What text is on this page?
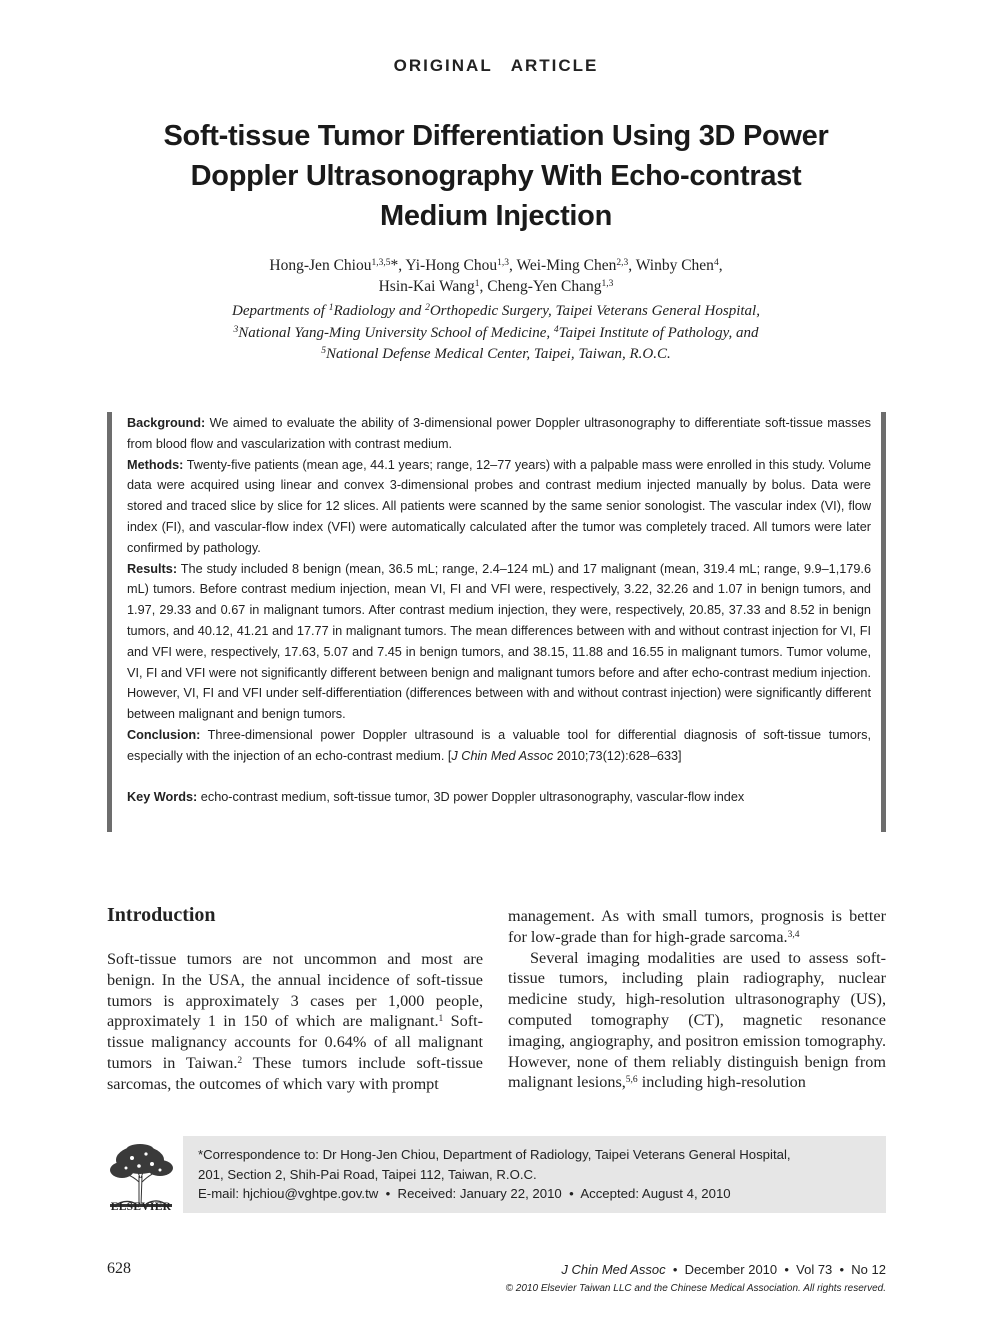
ORIGINAL ARTICLE
Soft-tissue Tumor Differentiation Using 3D Power
Doppler Ultrasonography With Echo-contrast
Medium Injection
Hong-Jen Chiou$^{1,3,5}$*, Yi-Hong Chou$^{1,3}$, Wei-Ming Chen$^{2,3}$, Winby Chen$^4$,
Hsin-Kai Wang$^1$, Cheng-Yen Chang$^{1,3}$
Departments of $^1$Radiology and $^2$Orthopedic Surgery, Taipei Veterans General Hospital,
$^3$National Yang-Ming University School of Medicine, $^4$Taipei Institute of Pathology, and
$^5$National Defense Medical Center, Taipei, Taiwan, R.O.C.

Background: We aimed to evaluate the ability of 3-dimensional power Doppler ultrasonography to differentiate soft-tissue masses from blood flow and vascularization with contrast medium.

Methods: Twenty-five patients (mean age, 44.1 years; range, 12–77 years) with a palpable mass were enrolled in this study. Volume data were acquired using linear and convex 3-dimensional probes and contrast medium injected manually by bolus. Data were stored and traced slice by slice for 12 slices. All patients were scanned by the same senior sonologist. The vascular index (VI), flow index (FI), and vascular-flow index (VFI) were automatically calculated after the tumor was completely traced. All tumors were later confirmed by pathology.

Results: The study included 8 benign (mean, 36.5 mL; range, 2.4–124 mL) and 17 malignant (mean, 319.4 mL; range, 9.9–1,179.6 mL) tumors. Before contrast medium injection, mean VI, FI and VFI were, respectively, 3.22, 32.26 and 1.07 in benign tumors, and 1.97, 29.33 and 0.67 in malignant tumors. After contrast medium injection, they were, respectively, 20.85, 37.33 and 8.52 in benign tumors, and 40.12, 41.21 and 17.77 in malignant tumors. The mean differences between with and without contrast injection for VI, FI and VFI were, respectively, 17.63, 5.07 and 7.45 in benign tumors, and 38.15, 11.88 and 16.55 in malignant tumors. Tumor volume, VI, FI and VFI were not significantly different between benign and malignant tumors before and after echo-contrast medium injection. However, VI, FI and VFI under self-differentiation (differences between with and without contrast injection) were significantly different between malignant and benign tumors.

Conclusion: Three-dimensional power Doppler ultrasound is a valuable tool for differential diagnosis of soft-tissue tumors, especially with the injection of an echo-contrast medium. [J Chin Med Assoc 2010;73(12):628–633]

Key Words: echo-contrast medium, soft-tissue tumor, 3D power Doppler ultrasonography, vascular-flow index

Introduction

Soft-tissue tumors are not uncommon and most are benign. In the USA, the annual incidence of soft-tissue tumors is approximately 3 cases per 1,000 people, approximately 1 in 150 of which are malignant.$^1$ Soft-tissue malignancy accounts for 0.64% of all malignant tumors in Taiwan.$^2$ These tumors include soft-tissue sarcomas, the outcomes of which vary with prompt

management. As with small tumors, prognosis is better for low-grade than for high-grade sarcoma.$^{3,4}$

Several imaging modalities are used to assess soft-tissue tumors, including plain radiography, nuclear medicine study, high-resolution ultrasonography (US), computed tomography (CT), magnetic resonance imaging, angiography, and positron emission tomography. However, none of them reliably distinguish benign from malignant lesions,$^{5,6}$ including high-resolution

ELSEVIER
*Correspondence to: Dr Hong-Jen Chiou, Department of Radiology, Taipei Veterans General Hospital,
201, Section 2, Shih-Pai Road, Taipei 112, Taiwan, R.O.C.
E-mail: hjchiou@vghtpe.gov.tw  •  Received: January 22, 2010  •  Accepted: August 4, 2010
628	J Chin Med Assoc  •  December 2010  •  Vol 73  •  No 12
© 2010 Elsevier Taiwan LLC and the Chinese Medical Association. All rights reserved.
